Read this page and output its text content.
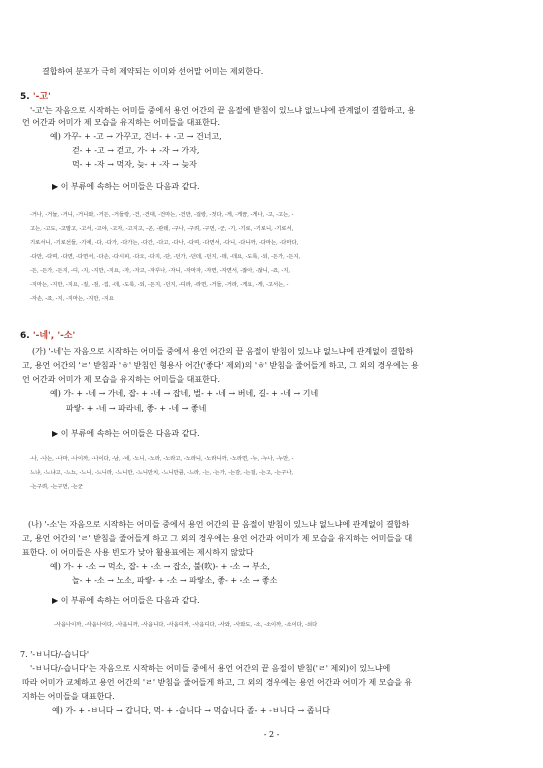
결합하여 분포가 극히 제약되는 이미와 선어말 어미는 제외한다.
5. '-고'
'-고'는 자음으로 시작하는 어미들 중에서 용언 어간의 끝 음절에 받침이 있느냐 없느냐에 관계없이 결합하고, 용
언 어간과 어미가 제 모습을 유지하는 어미들을 대표한다.
예) 가꾸- + -고 → 가꾸고, 건너- + -고 → 건너고,
걷- + -고 → 걷고, 가- + -자 → 가자,
먹- + -자 → 먹자, 늦- + -자 → 늦자
▶ 이 부류에 속하는 어미들은 다음과 같다.
-거나, -거늘, -거니, -거니와, -거든, -거들랑, -건, -건대, -건마는, -건만, -걸랑, -것다, -게, -게끔, -게나, -고, -고는, -
고는, -고도, -고말고, -고서, -고야, -고자, -고지고, -곤, -관데, -구나, -구려, -구먼, -군, -기, -기로, -기로니, -기로서,
기로서니, -기로선들, -기에, -다, -다가, -다가는, -다간, -다고, -다나, -다며, -다면서, -다니, -다니까, -다마는, -다마다,
-다만, -다며, -다면, -다면서, -다손, -다시피, -다오, -다지, -단, -던가, -던데, -던지, -데, -데요, -도록, -되, -든가, -든지,
-든, -든가, -든지, -디, -지, -지만, -지요, -자, -자고, -자꾸나, -자니, -자마자, -자면, -자면서, -잖아, -잖니, -죠, -지,
-지마는, -지만, -지요, -질, -짐, -집, -데, -도록, -되, -든지, -던지, -디라, -라면, -거들, -거라, -게요, -게, -고서는, -
-자손, -죠, -지, -지마는, -지만, -지요
6. '-네', '-소'
(가) '-네'는 자음으로 시작하는 어미들 중에서 용언 어간의 끝 음절이 받침이 있느냐 없느냐에 관계없이 결합하
고, 용언 어간의 'ㄹ' 받침과 'ㅎ' 받침인 형용사 어간('좋다' 제외)의 'ㅎ' 받침을 줄어들게 하고, 그 외의 경우에는 용
언 어간과 어미가 제 모습을 유지하는 어미들을 대표한다.
예) 가- + -네 → 가네, 잡- + -네 → 잡네, 벌- + -네 → 버네, 길- + -네 → 기네
파랗- + -네 → 파라네, 좋- + -네 → 좋네
▶ 이 부류에 속하는 어미들은 다음과 같다.
-나, -나는, -나마, -나이까, -나이다, -남, -네, -노니, -노라, -노라고, -노라니, -노라니까, -노라면, -누, -누나, -누만, -
느냐, -느냐고, -느뇨, -느니, -느니라, -느니만, -느니만치, -느니만큼, -느라, -는, -는가, -는감, -는걸, -는고, -는구나,
-는구려, -는구먼, -는군
(나) '-소'는 자음으로 시작하는 어미들 중에서 용언 어간의 끝 음절이 받침이 있느냐 없느냐에 관계없이 결합하
고, 용언 어간의 'ㄹ' 받침을 줄어들게 하고 그 외의 경우에는 용언 어간과 어미가 제 모습을 유지하는 어미들을 대
표한다. 이 어미들은 사용 빈도가 낮아 활용표에는 제시하지 않았다
예) 가- + -소 → 먹소, 잡- + -소 → 잡소, 불(吹)- + -소 → 부소,
놀- + -소 → 노소, 파랗- + -소 → 파랗소, 좋- + -소 → 좋소
▶ 이 부류에 속하는 어미들은 다음과 같다.
-사옵나이까, -사옵나이다, -사옵니까, -사옵니다, -사옵디까, -사옵디다, -사와, -사와도, -소, -소이까, -소이다, -쇠다
7. '-ㅂ니다/-습니다'
'-ㅂ니다/-습니다'는 자음으로 시작하는 어미들 중에서 용언 어간의 끝 음절이 받침('ㄹ' 제외)이 있느냐에
따라 어미가 교체하고 용언 어간의 'ㄹ' 받침을 줄어들게 하고, 그 외의 경우에는 용언 어간과 어미가 제 모습을 유
지하는 어미들을 대표한다.
예) 가- + -ㅂ니다 → 갑니다, 먹- + -습니다 → 먹습니다 졸- + -ㅂ니다 → 좁니다
- 2 -
